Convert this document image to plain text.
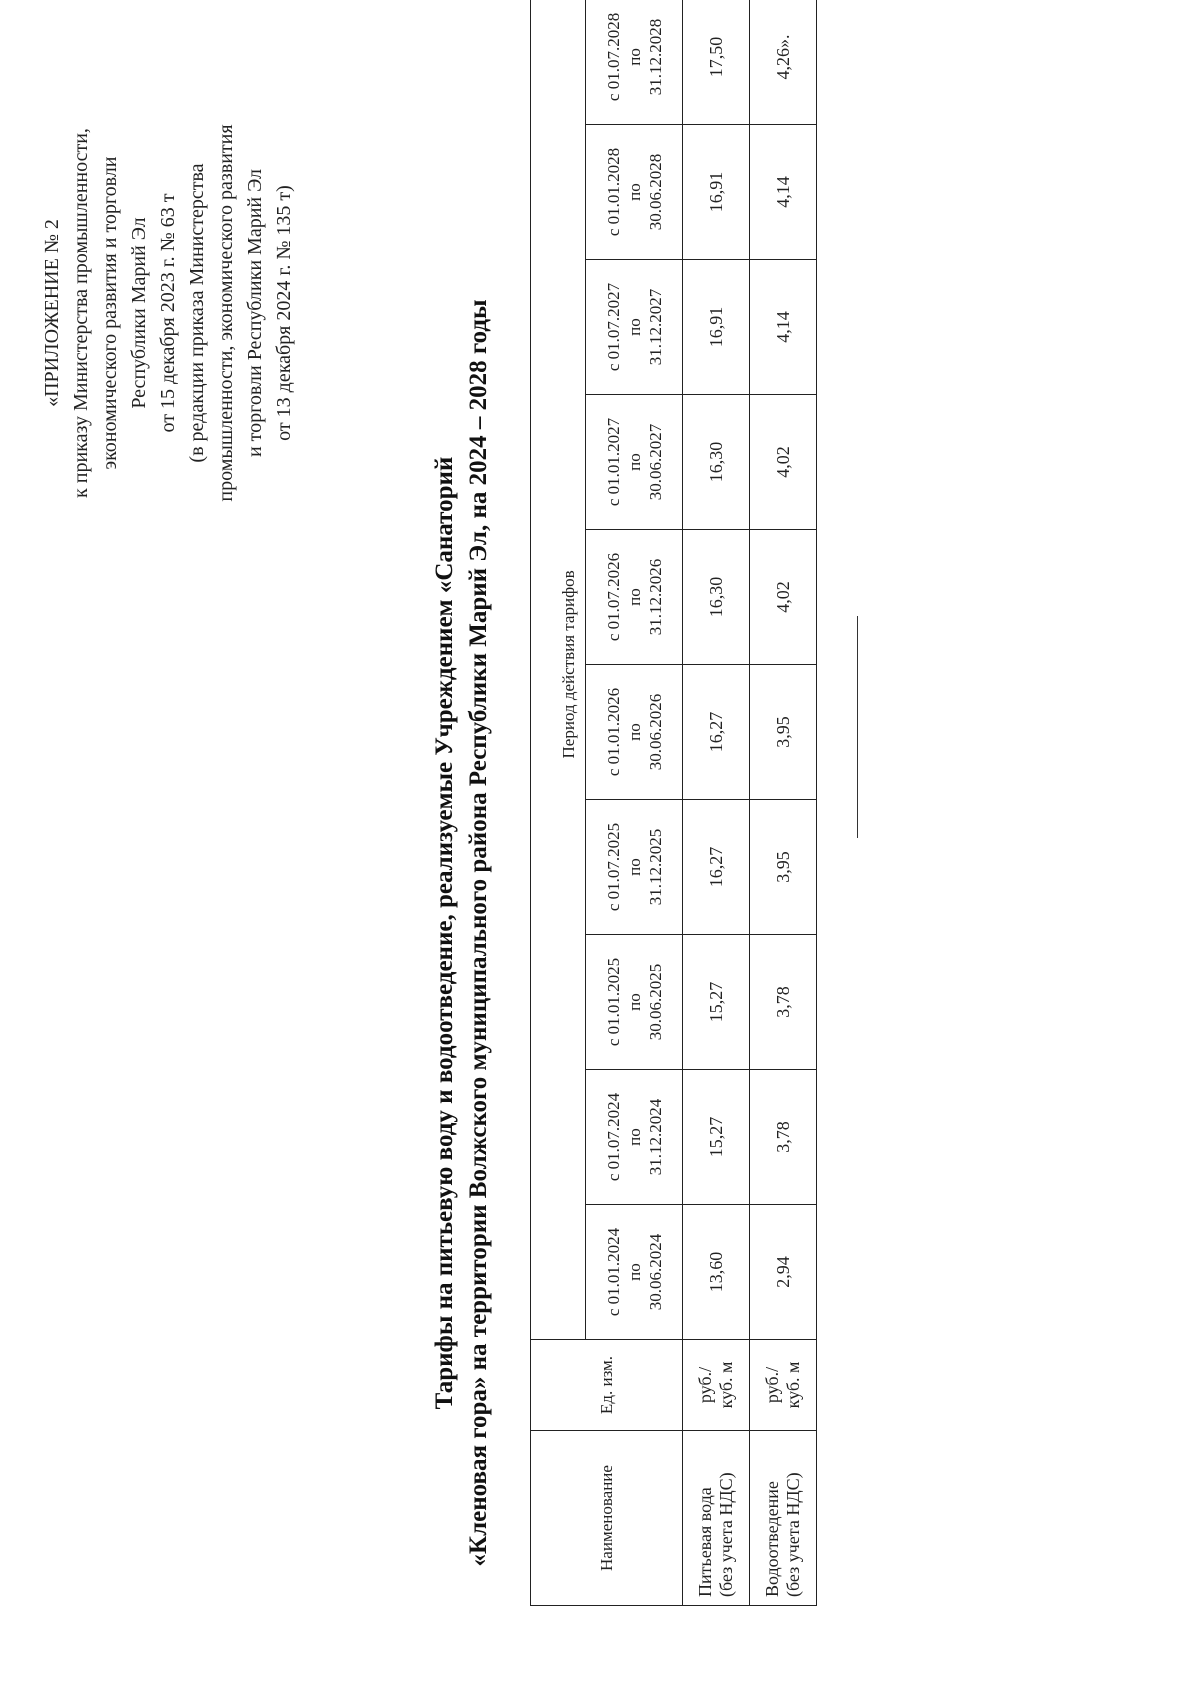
«ПРИЛОЖЕНИЕ № 2 к приказу Министерства промышленности, экономического развития и торговли Республики Марий Эл от 15 декабря 2023 г. № 63 т (в редакции приказа Министерства промышленности, экономического развития и торговли Республики Марий Эл от 13 декабря 2024 г. № 135 т)
Тарифы на питьевую воду и водоотведение, реализуемые Учреждением «Санаторий «Кленовая гора» на территории Волжского муниципального района Республики Марий Эл, на 2024 – 2028 годы	Наименование	Ед. изм.	Период действия тарифов									

		с 01.01.2024 по 30.06.2024	с 01.07.2024 по 31.12.2024	с 01.01.2025 по 30.06.2025	с 01.07.2025 по 31.12.2025	с 01.01.2026 по 30.06.2026	с 01.07.2026 по 31.12.2026	с 01.01.2027 по 30.06.2027	с 01.07.2027 по 31.12.2027	с 01.01.2028 по 30.06.2028	с 01.07.2028 по 31.12.2028

Питьевая вода (без учета НДС)	руб./ куб. м	13,60	15,27	15,27	16,27	16,27	16,30	16,30	16,91	16,91	17,50

Водоотведение (без учета НДС)	руб./ куб. м	2,94	3,78	3,78	3,95	3,95	4,02	4,02	4,14	4,14	4,26».
